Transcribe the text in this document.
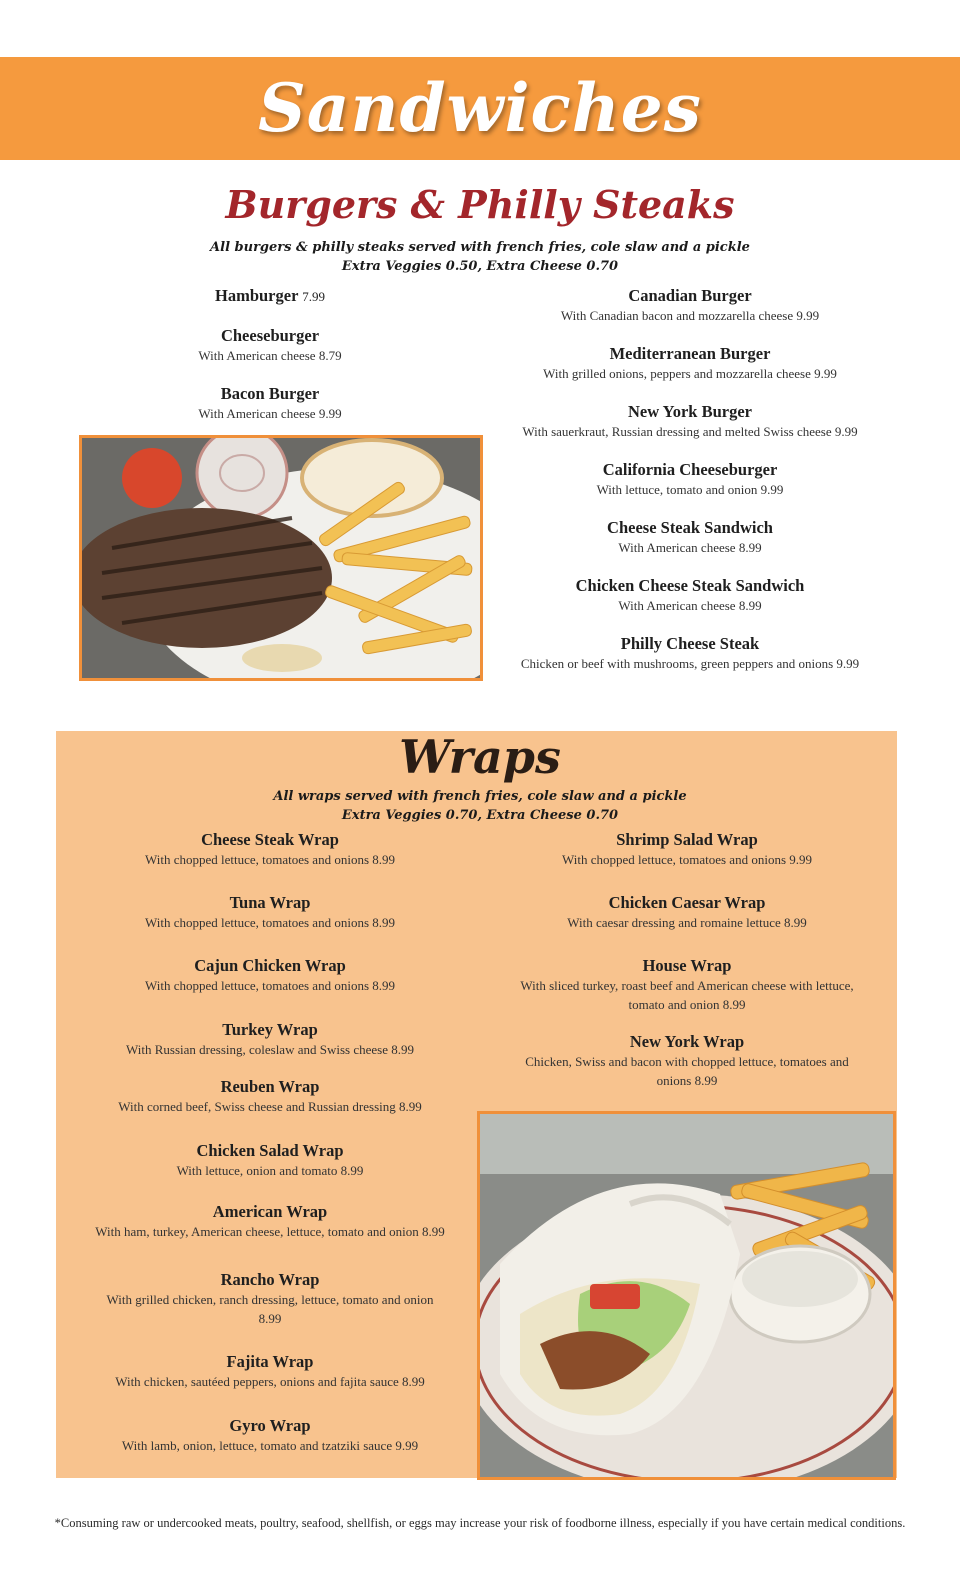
Sandwiches
Burgers & Philly Steaks
All burgers & philly steaks served with french fries, cole slaw and a pickle
Extra Veggies 0.50, Extra Cheese 0.70
Hamburger 7.99
Cheeseburger
With American cheese 8.79
Bacon Burger
With American cheese 9.99
Canadian Burger
With Canadian bacon and mozzarella cheese 9.99
Mediterranean Burger
With grilled onions, peppers and mozzarella cheese 9.99
New York Burger
With sauerkraut, Russian dressing and melted Swiss cheese 9.99
California Cheeseburger
With lettuce, tomato and onion 9.99
Cheese Steak Sandwich
With American cheese 8.99
Chicken Cheese Steak Sandwich
With American cheese 8.99
Philly Cheese Steak
Chicken or beef with mushrooms, green peppers and onions 9.99
Wraps
All wraps served with french fries, cole slaw and a pickle
Extra Veggies 0.70, Extra Cheese 0.70
Cheese Steak Wrap
With chopped lettuce, tomatoes and onions 8.99
Tuna Wrap
With chopped lettuce, tomatoes and onions 8.99
Cajun Chicken Wrap
With chopped lettuce, tomatoes and onions 8.99
Turkey Wrap
With Russian dressing, coleslaw and Swiss cheese 8.99
Reuben Wrap
With corned beef, Swiss cheese and Russian dressing 8.99
Chicken Salad Wrap
With lettuce, onion and tomato 8.99
American Wrap
With ham, turkey, American cheese, lettuce, tomato and onion 8.99
Rancho Wrap
With grilled chicken, ranch dressing, lettuce, tomato and onion
8.99
Fajita Wrap
With chicken, sautéed peppers, onions and fajita sauce 8.99
Gyro Wrap
With lamb, onion, lettuce, tomato and tzatziki sauce 9.99
Shrimp Salad Wrap
With chopped lettuce, tomatoes and onions 9.99
Chicken Caesar Wrap
With caesar dressing and romaine lettuce 8.99
House Wrap
With sliced turkey, roast beef and American cheese with lettuce,
tomato and onion 8.99
New York Wrap
Chicken, Swiss and bacon with chopped lettuce, tomatoes and
onions 8.99
*Consuming raw or undercooked meats, poultry, seafood, shellfish, or eggs may increase your risk of foodborne illness, especially if you have certain medical conditions.
